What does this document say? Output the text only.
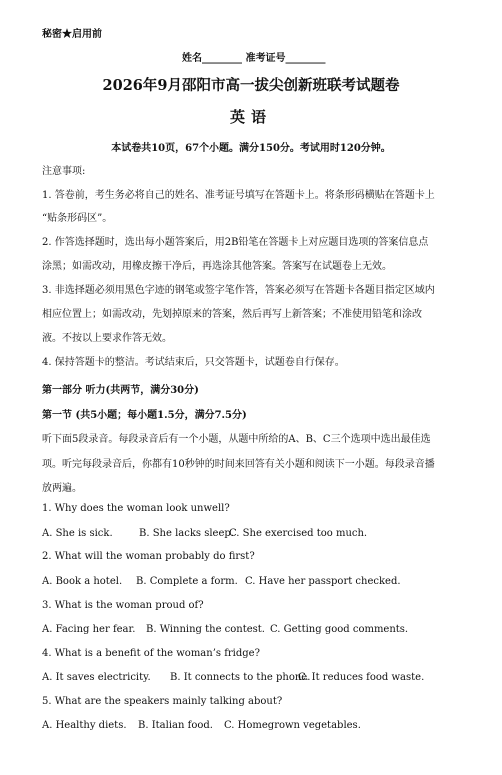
秘密★启用前
姓名________ 准考证号________
2026年9月邵阳市高一拔尖创新班联考试题卷
英语
本试卷共10页，67个小题。满分150分。考试用时120分钟。
注意事项:
1. 答卷前，考生务必将自己的姓名、准考证号填写在答题卡上。将条形码横贴在答题卡上
“贴条形码区”。
2. 作答选择题时，选出每小题答案后，用2B铅笔在答题卡上对应题目选项的答案信息点
涂黑；如需改动，用橡皮擦干净后，再选涂其他答案。答案写在试题卷上无效。
3. 非选择题必须用黑色字迹的钢笔或签字笔作答，答案必须写在答题卡各题目指定区域内
相应位置上；如需改动，先划掉原来的答案，然后再写上新答案；不准使用铅笔和涂改
液。不按以上要求作答无效。
4. 保持答题卡的整洁。考试结束后，只交答题卡，试题卷自行保存。
第一部分 听力(共两节，满分30分)
第一节 (共5小题；每小题1.5分，满分7.5分)
听下面5段录音。每段录音后有一个小题，从题中所给的A、B、C三个选项中选出最佳选
项。听完每段录音后，你都有10秒钟的时间来回答有关小题和阅读下一小题。每段录音播
放两遍。
1. Why does the woman look unwell?
A. She is sick.	B. She lacks sleep.C. She exercised too much.
2. What will the woman probably do first?
A. Book a hotel. B. Complete a form. C. Have her passport checked.
3. What is the woman proud of?
A. Facing her fear. B. Winning the contest. C. Getting good comments.
4. What is a benefit of the woman’s fridge?
A. It saves electricity. B. It connects to the phone.C. It reduces food waste.
5. What are the speakers mainly talking about?
A. Healthy diets. B. Italian food. C. Homegrown vegetables.
